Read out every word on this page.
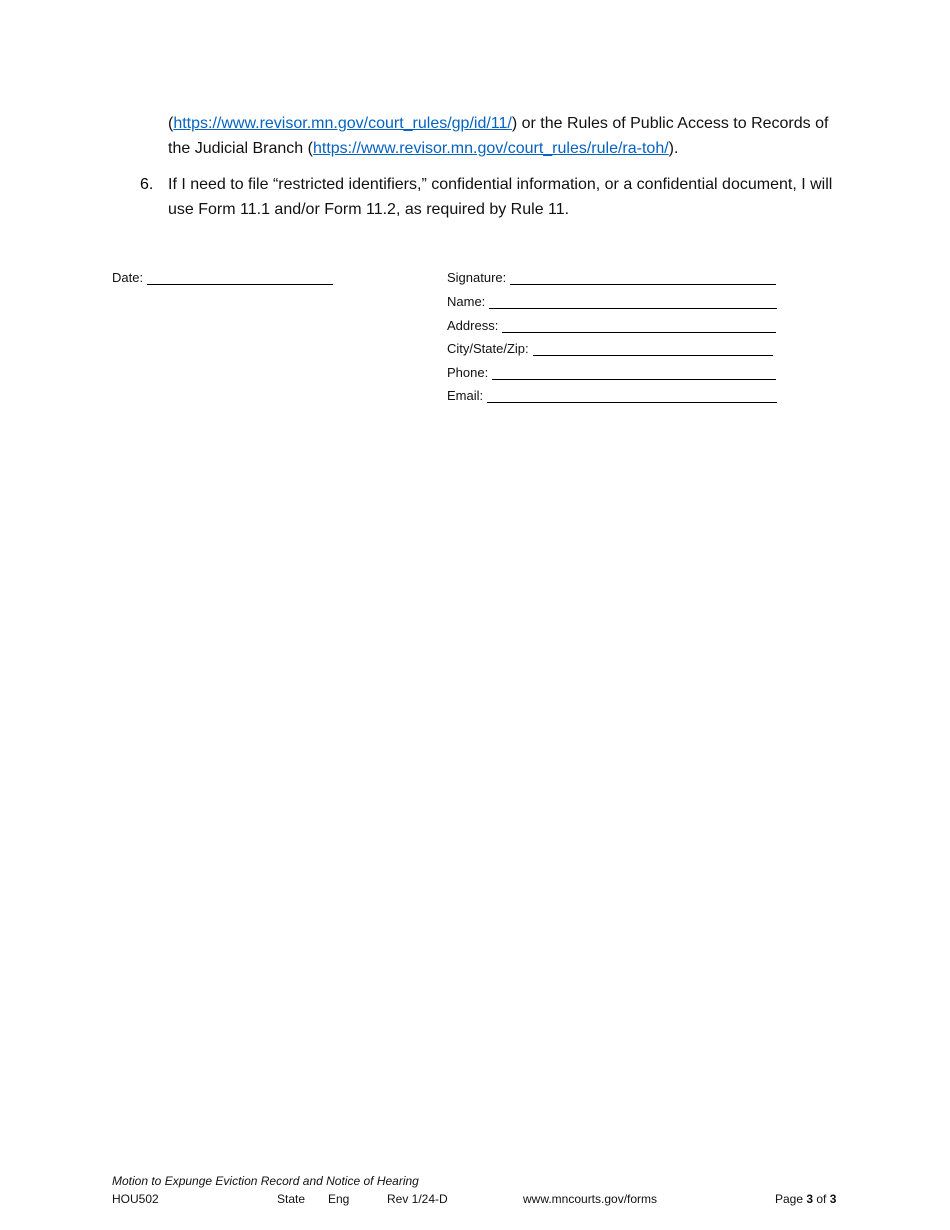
(https://www.revisor.mn.gov/court_rules/gp/id/11/) or the Rules of Public Access to Records of the Judicial Branch (https://www.revisor.mn.gov/court_rules/rule/ra-toh/).
6. If I need to file “restricted identifiers,” confidential information, or a confidential document, I will use Form 11.1 and/or Form 11.2, as required by Rule 11.
Date:	Signature:
Name:
Address:
City/State/Zip:
Phone:
Email:
Motion to Expunge Eviction Record and Notice of Hearing
HOU502	State Eng	Rev 1/24-D	www.mncourts.gov/forms	Page 3 of 3
